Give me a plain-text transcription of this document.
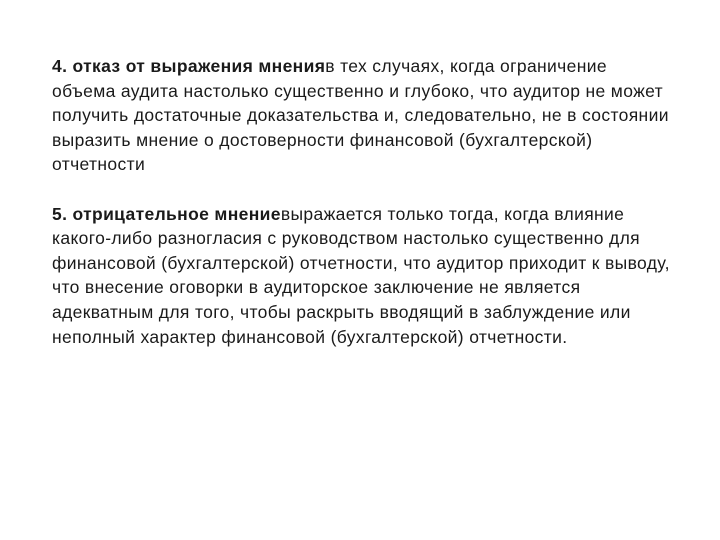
4. отказ от выражения мненияв тех случаях, когда ограничение объема аудита настолько существенно и глубоко, что аудитор не может получить достаточные доказательства и, следовательно, не в состоянии выразить мнение о достоверности финансовой (бухгалтерской) отчетности

5. отрицательное мнениевыражается только тогда, когда влияние какого-либо разногласия с руководством настолько существенно для финансовой (бухгалтерской) отчетности, что аудитор приходит к выводу, что внесение оговорки в аудиторское заключение не является адекватным для того, чтобы раскрыть вводящий в заблуждение или неполный характер финансовой (бухгалтерской) отчетности.
